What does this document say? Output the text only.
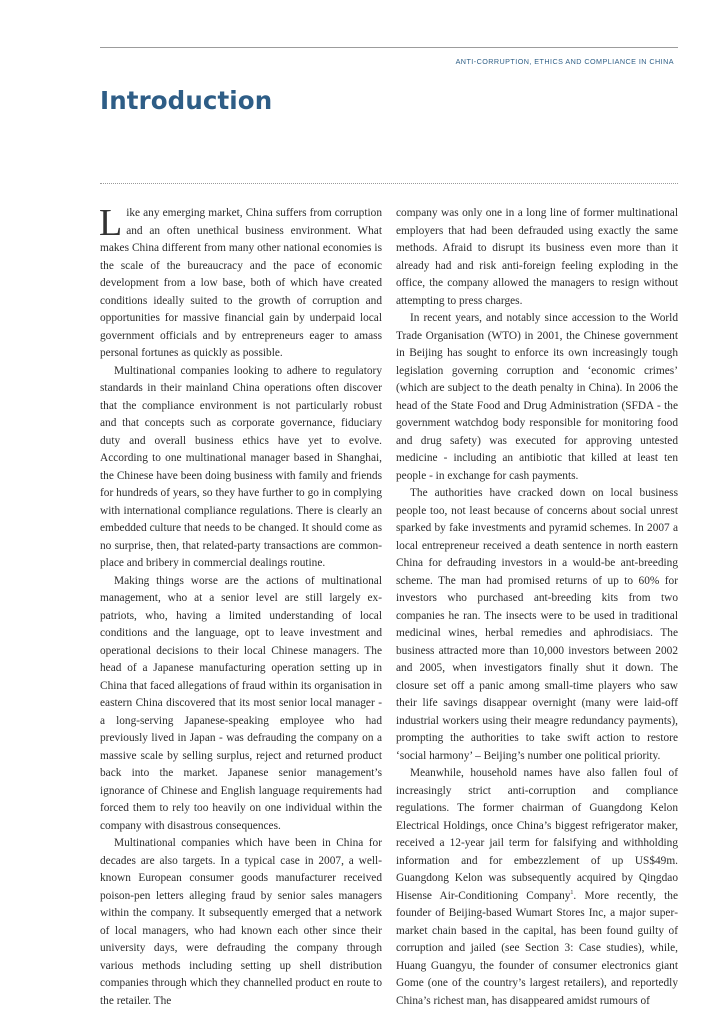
ANTI-CORRUPTION, ETHICS AND COMPLIANCE IN CHINA
Introduction

Like any emerging market, China suffers from corruption and an often unethical business environment. What makes China different from many other national economies is the scale of the bureaucracy and the pace of economic development from a low base, both of which have created conditions ideally suited to the growth of corruption and opportunities for massive financial gain by underpaid local government officials and by entrepreneurs eager to amass personal fortunes as quickly as possible.

Multinational companies looking to adhere to regulatory standards in their mainland China operations often discover that the compliance environment is not particularly robust and that concepts such as corporate governance, fiduciary duty and overall business ethics have yet to evolve. According to one multinational manager based in Shanghai, the Chinese have been doing business with family and friends for hundreds of years, so they have further to go in complying with international compliance regulations. There is clearly an embedded culture that needs to be changed. It should come as no surprise, then, that related-party transactions are commonplace and bribery in commercial dealings routine.

Making things worse are the actions of multinational management, who at a senior level are still largely ex-patriots, who, having a limited understanding of local conditions and the language, opt to leave investment and operational decisions to their local Chinese managers. The head of a Japanese manufacturing operation setting up in China that faced allegations of fraud within its organisation in eastern China discovered that its most senior local manager - a long-serving Japanese-speaking employee who had previously lived in Japan - was defrauding the company on a massive scale by selling surplus, reject and returned product back into the market. Japanese senior management’s ignorance of Chinese and English language requirements had forced them to rely too heavily on one individual within the company with disastrous consequences.

Multinational companies which have been in China for decades are also targets. In a typical case in 2007, a well-known European consumer goods manufacturer received poison-pen letters alleging fraud by senior sales managers within the company. It subsequently emerged that a network of local managers, who had known each other since their university days, were defrauding the company through various methods including setting up shell distribution companies through which they channelled product en route to the retailer. The

company was only one in a long line of former multinational employers that had been defrauded using exactly the same methods. Afraid to disrupt its business even more than it already had and risk anti-foreign feeling exploding in the office, the company allowed the managers to resign without attempting to press charges.

In recent years, and notably since accession to the World Trade Organisation (WTO) in 2001, the Chinese government in Beijing has sought to enforce its own increasingly tough legislation governing corruption and ‘economic crimes’ (which are subject to the death penalty in China). In 2006 the head of the State Food and Drug Administration (SFDA - the government watchdog body responsible for monitoring food and drug safety) was executed for approving untested medicine - including an antibiotic that killed at least ten people - in exchange for cash payments.

The authorities have cracked down on local business people too, not least because of concerns about social unrest sparked by fake investments and pyramid schemes. In 2007 a local entrepreneur received a death sentence in north eastern China for defrauding investors in a would-be ant-breeding scheme. The man had promised returns of up to 60% for investors who purchased ant-breeding kits from two companies he ran. The insects were to be used in traditional medicinal wines, herbal remedies and aphrodisiacs. The business attracted more than 10,000 investors between 2002 and 2005, when investigators finally shut it down. The closure set off a panic among small-time players who saw their life savings disappear overnight (many were laid-off industrial workers using their meagre redundancy payments), prompting the authorities to take swift action to restore ‘social harmony’ – Beijing’s number one political priority.

Meanwhile, household names have also fallen foul of increasingly strict anti-corruption and compliance regulations. The former chairman of Guangdong Kelon Electrical Holdings, once China’s biggest refrigerator maker, received a 12-year jail term for falsifying and withholding information and for embezzlement of up US$49m. Guangdong Kelon was subsequently acquired by Qingdao Hisense Air-Conditioning Company$^1$. More recently, the founder of Beijing-based Wumart Stores Inc, a major supermarket chain based in the capital, has been found guilty of corruption and jailed (see Section 3: Case studies), while, Huang Guangyu, the founder of consumer electronics giant Gome (one of the country’s largest retailers), and reportedly China’s richest man, has disappeared amidst rumours of
